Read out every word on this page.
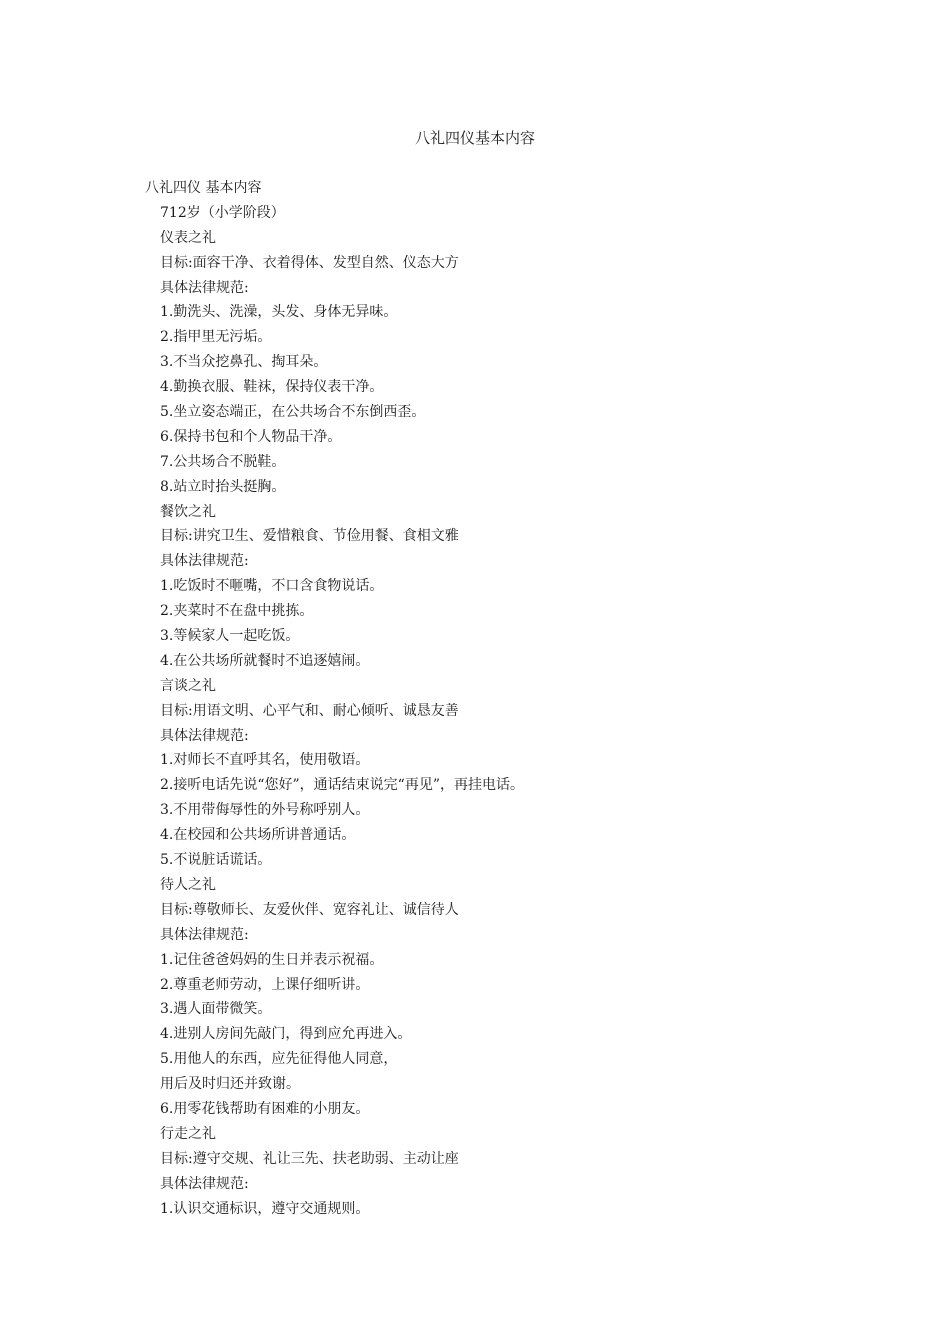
八礼四仪基本内容
八礼四仪 基本内容
712岁（小学阶段）
仪表之礼
目标:面容干净、衣着得体、发型自然、仪态大方
具体法律规范:
1.勤洗头、洗澡，头发、身体无异味。
2.指甲里无污垢。
3.不当众挖鼻孔、掏耳朵。
4.勤换衣服、鞋袜，保持仪表干净。
5.坐立姿态端正，在公共场合不东倒西歪。
6.保持书包和个人物品干净。
7.公共场合不脱鞋。
8.站立时抬头挺胸。
餐饮之礼
目标:讲究卫生、爱惜粮食、节俭用餐、食相文雅
具体法律规范:
1.吃饭时不咂嘴，不口含食物说话。
2.夹菜时不在盘中挑拣。
3.等候家人一起吃饭。
4.在公共场所就餐时不追逐嬉闹。
言谈之礼
目标:用语文明、心平气和、耐心倾听、诚恳友善
具体法律规范:
1.对师长不直呼其名，使用敬语。
2.接听电话先说“您好”，通话结束说完“再见”，再挂电话。
3.不用带侮辱性的外号称呼别人。
4.在校园和公共场所讲普通话。
5.不说脏话谎话。
待人之礼
目标:尊敬师长、友爱伙伴、宽容礼让、诚信待人
具体法律规范:
1.记住爸爸妈妈的生日并表示祝福。
2.尊重老师劳动，上课仔细听讲。
3.遇人面带微笑。
4.进别人房间先敲门，得到应允再进入。
5.用他人的东西，应先征得他人同意，
用后及时归还并致谢。
6.用零花钱帮助有困难的小朋友。
行走之礼
目标:遵守交规、礼让三先、扶老助弱、主动让座
具体法律规范:
1.认识交通标识，遵守交通规则。
